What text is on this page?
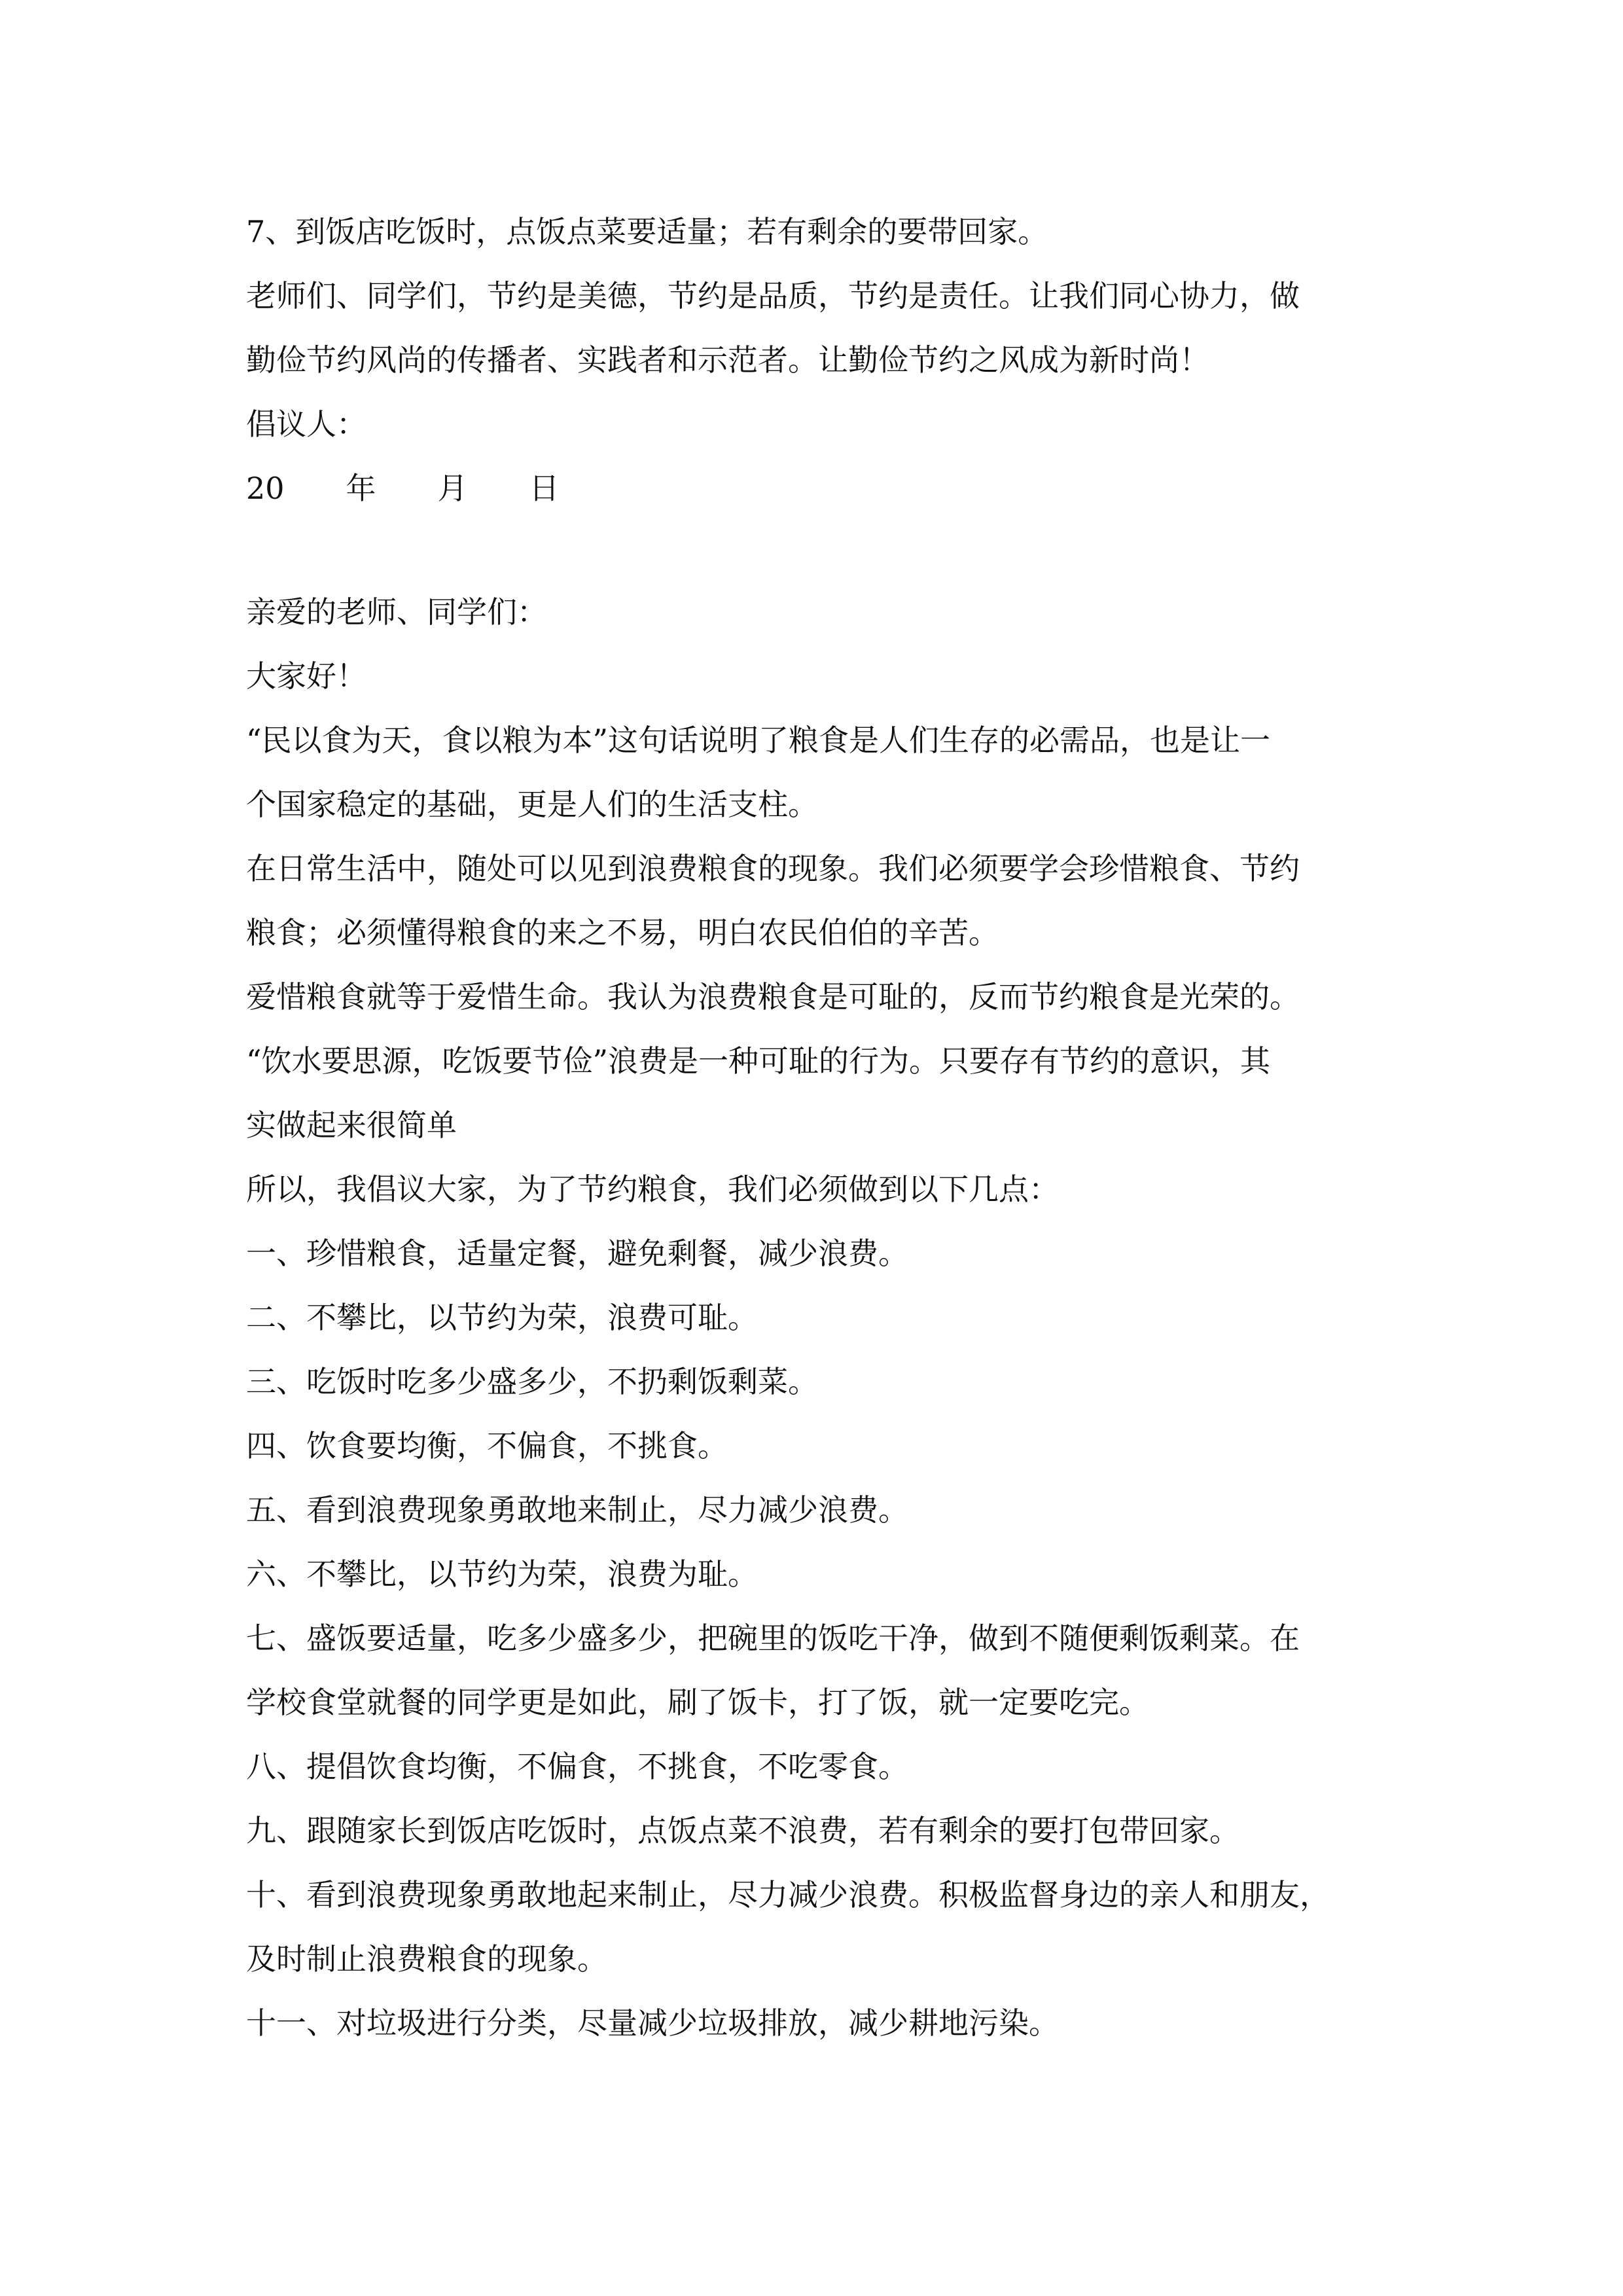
7、到饭店吃饭时，点饭点菜要适量；若有剩余的要带回家。
老师们、同学们，节约是美德，节约是品质，节约是责任。让我们同心协力，做
勤俭节约风尚的传播者、实践者和示范者。让勤俭节约之风成为新时尚！
倡议人：
20 年 月 日
亲爱的老师、同学们：
大家好！
“民以食为天，食以粮为本”这句话说明了粮食是人们生存的必需品，也是让一
个国家稳定的基础，更是人们的生活支柱。
在日常生活中，随处可以见到浪费粮食的现象。我们必须要学会珍惜粮食、节约
粮食；必须懂得粮食的来之不易，明白农民伯伯的辛苦。
爱惜粮食就等于爱惜生命。我认为浪费粮食是可耻的，反而节约粮食是光荣的。
“饮水要思源，吃饭要节俭”浪费是一种可耻的行为。只要存有节约的意识，其
实做起来很简单
所以，我倡议大家，为了节约粮食，我们必须做到以下几点：
一、珍惜粮食，适量定餐，避免剩餐，减少浪费。
二、不攀比，以节约为荣，浪费可耻。
三、吃饭时吃多少盛多少，不扔剩饭剩菜。
四、饮食要均衡，不偏食，不挑食。
五、看到浪费现象勇敢地来制止，尽力减少浪费。
六、不攀比，以节约为荣，浪费为耻。
七、盛饭要适量，吃多少盛多少，把碗里的饭吃干净，做到不随便剩饭剩菜。在
学校食堂就餐的同学更是如此，刷了饭卡，打了饭，就一定要吃完。
八、提倡饮食均衡，不偏食，不挑食，不吃零食。
九、跟随家长到饭店吃饭时，点饭点菜不浪费，若有剩余的要打包带回家。
十、看到浪费现象勇敢地起来制止，尽力减少浪费。积极监督身边的亲人和朋友，
及时制止浪费粮食的现象。
十一、对垃圾进行分类，尽量减少垃圾排放，减少耕地污染。
